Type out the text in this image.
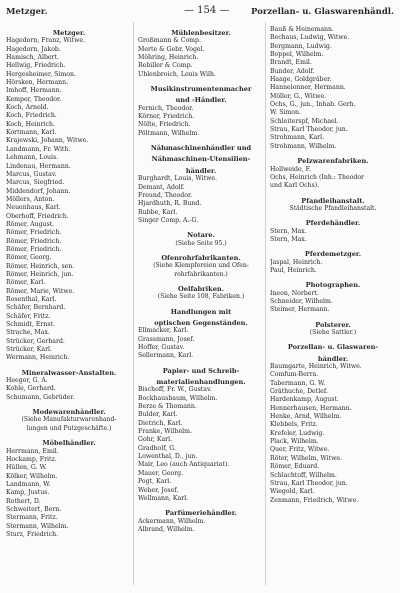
Metzger.	— 154 —	Porzellan- u. Glaswarenhändl.
Metzger.
Hagedorn, Franz, Witwe.
Hagedorn, Jakob.
Hamisch, Albert.
Hellwig, Friedrich.
Hergesheimer, Simon.
Hörsken, Hermann.
Imhoff, Hermann.
Kemper, Theodor.
Koch, Arnold.
Koch, Friedrich.
Koch, Heinrich.
Kortmann, Karl.
Krajewski, Johann, Witwe.
Landmann, Fr. With.
Lehmann, Louis.
Lindenau, Hermann.
Marcus, Gustav.
Marcus, Siegfried.
Middendorf, Johann.
Möllers, Anton.
Neuenhaus, Karl.
Oberhoff, Friedrich.
Römer, August.
Römer, Friedrich.
Römer, Friedrich.
Römer, Friedrich.
Römer, Georg.
Römer, Heinrich, sen.
Römer, Heinrich, jun.
Römer, Karl.
Römer, Marie, Witwe.
Rosenthal, Karl.
Schäfer, Bernhard.
Schäfer, Fritz.
Schmidt, Ernst.
Strache, Max.
Strücker, Gerhard.
Strücker, Karl.
Wermann, Heinrich.
Mineralwasser-Anstalten.
Heeger, G. A.
Kohle, Gerhard.
Schumann, Gebrüder.
Modewarenhändler.
(Siehe Manufakturwarenhand-
lungen und Putzgeschäfte.)
Möbelhändler.
Herrmann, Emil.
Hockamp, Fritz.
Hüllen, G. W.
Kölker, Wilhelm.
Landmann, W.
Kamp, Justus.
Rothert, D.
Schweitert, Bern.
Stermann, Fritz.
Stermann, Wilhelm.
Sturz, Friedrich.
Mühlenbesitzer.
Großmann & Comp.
Merte & Gebr. Vogel.
Möhring, Heinrich.
Rebiller & Comp.
Uhlenbroich, Louis Wilh.
Musikinstrumentenmacher
und -Händler.
Fernich, Theodor.
Körner, Friedrich.
Nölte, Friedrich.
Pöltmann, Wilhelm.
Nähmaschinenhändler und
Nähmaschinen-Utensilien-
händler.
Burghardt, Louis, Witwe.
Demant, Adolf.
Freund, Theodor.
Hjardhuth, R. Bund.
Rubbe, Karl.
Singer Comp. A.-G.
Notare.
(Siehe Seite 95.)
Ofenrohrfabrikanten.
(Siehe Klempfereien und Ofen-
rohrfabrikanten.)
Oelfabriken.
(Siehe Seite 108, Fabriken.)
Handlungen mit
optischen Gegenständen.
Ellmacker, Karl.
Grassmann, Josef.
Hoffer, Gustav.
Sellermann, Karl.
Papier- und Schreib-
materialienhandlungen.
Bischoff, Fr. W., Gustav.
Bockhausbaum, Wilhelm.
Berze & Thomann.
Bulder, Karl.
Dietrich, Karl.
Franke, Wilhelm.
Gohr, Karl.
Gradholf, G.
Lowenthal, D., jun.
Mair, Leo (auch Antiquariat).
Mauer, Georg.
Pogt, Karl.
Weber, Josef.
Wellmann, Karl.
Parfümeriehändler.
Ackermann, Wilhelm.
Albrand, Wilhelm.
Bauß & Heinemann.
Bechaus, Ludwig, Witwe.
Bergmann, Ludwig.
Boppel, Wilhelm.
Brandt, Emil.
Bunder, Adolf.
Haage, Goldgräber.
Hannelonner, Hermann.
Möller, G., Witwe.
Ochs, G., jun., Inhab. Gerh.
W. Simon.
Schleiterspf, Michael.
Strau, Karl Theodor, jun.
Strohmann, Karl.
Strohmann, Wilhelm.
Pelzwarenfabriken.
Hollweide, F.
Ochs, Heinrich (Inh.: Theodor
und Karl Ochs).
Pfandleihanstalt.
Städtische Pfandleihanstalt.
Pferdehändler.
Stern, Max.
Stern, Max.
Pferdemetzger.
Jaspal, Heinrich.
Paul, Heinrich.
Photographen.
Ineon, Norbert.
Schneider, Wilhelm.
Steimer, Hermann.
Polsterer.
(Siehe Sattler.)
Porzellan- u. Glaswaren-
händler.
Baumgarte, Heinrich, Witwe.
Comfum-Berra.
Tabermann, G. W.
Gräthuche, Detlef.
Hardenkamp, August.
Hennerhausen, Hermann.
Henke, Arnd, Wilhelm.
Klebbels, Fritz.
Krefeler, Ludwig.
Plack, Wilhelm.
Quer, Fritz, Witwe.
Röter, Wilhelm, Witwe.
Römer, Eduard.
Schlachtoff, Wilhelm.
Strau, Karl Theodor, jun.
Wiegold, Karl.
Zenmann, Friedrich, Witwe.
